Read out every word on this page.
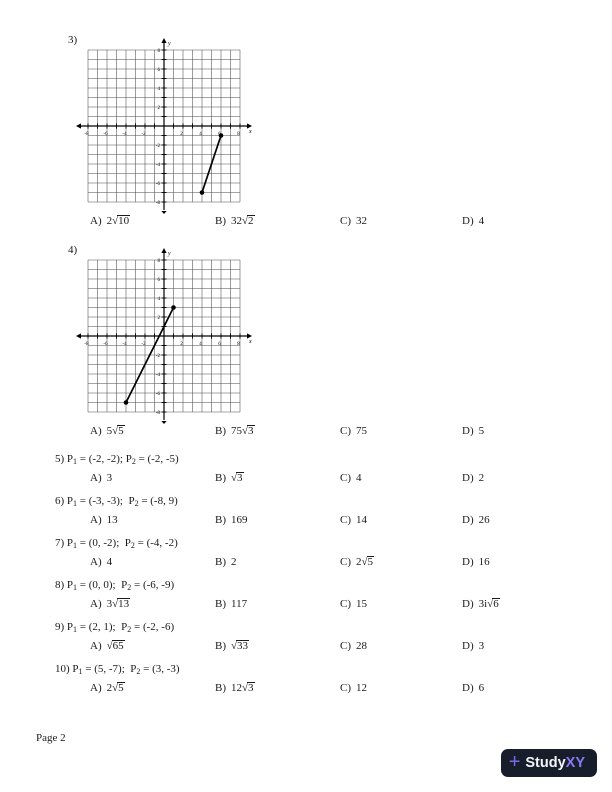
3)
-8	-6	-4	-2	2	4	8
8
6
4
2
-2
-4
-6
-8
x
y
A) 2√10	B) 32√2	C) 32	D) 4
4)
-8	-6	-4	-2	2	4	6	8
8
6
4
2
-2
-4
-6
-8
x
y
A) 5√5	B) 75√3	C) 75	D) 5
5) $P_1 = (-2$, -2); $P_2 = (-2$, -5)
A) 3	B) √3	C) 4	D) 2
6) $P_1 = (-3$, -3);  $P_2 = (-8$, 9)
A) 13	B) 169	C) 14	D) 26
7) $P_1 = (0$, -2);  $P_2 = (-4$, -2)
A) 4	B) 2	C) 2√5	D) 16
8) $P_1 = (0$, 0);  $P_2 = (-6$, -9)
A) 3√13	B) 117	C) 15	D) 3i√6
9) $P_1 = (2$, 1);  $P_2 = (-2$, -6)
A) √65	B) √33	C) 28	D) 3
10) $P_1 = (5$, -7);  $P_2 = (3$, -3)
A) 2√5	B) 12√3	C) 12	D) 6
Page 2
+ StudyXY
